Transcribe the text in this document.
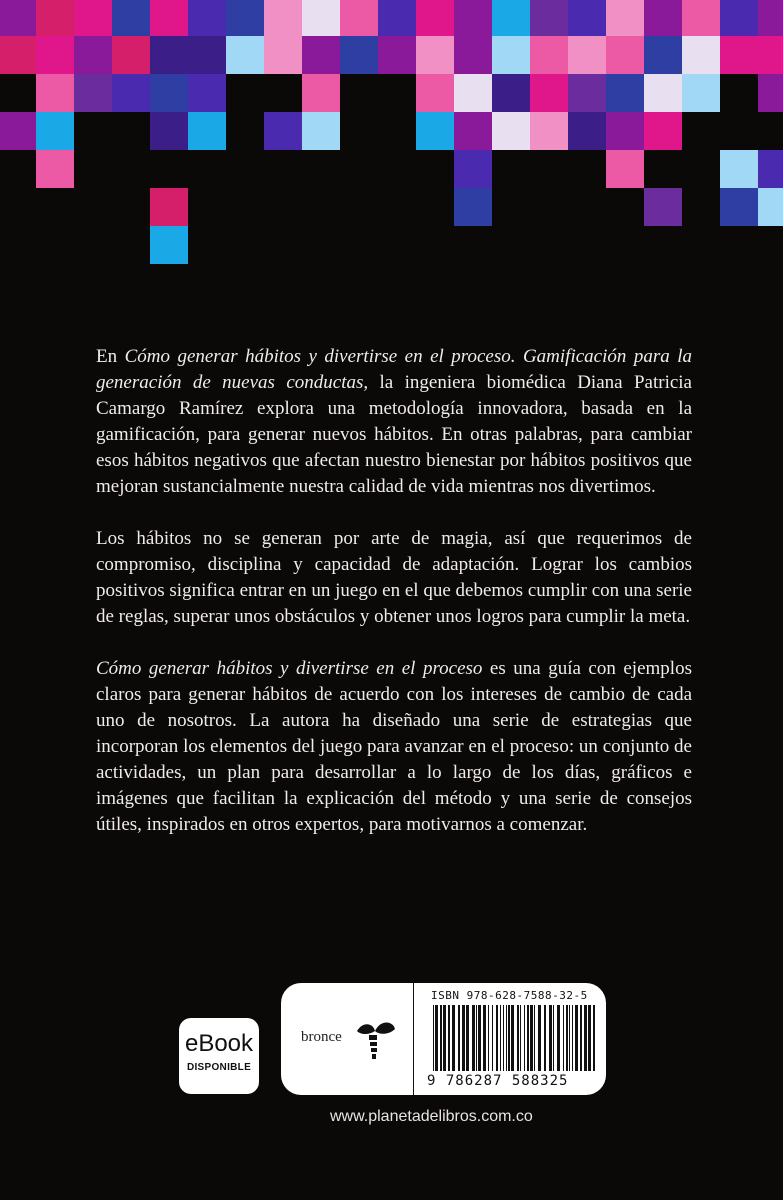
En Cómo generar hábitos y divertirse en el proceso. Gamificación para la generación de nuevas conductas, la ingeniera biomédica Diana Patricia Camargo Ramírez explora una metodología innovadora, basada en la gamificación, para generar nuevos hábitos. En otras palabras, para cambiar esos hábitos negativos que afectan nuestro bienestar por hábitos positivos que mejoran sustancialmente nuestra calidad de vida mientras nos divertimos.

Los hábitos no se generan por arte de magia, así que requerimos de compromiso, disciplina y capacidad de adaptación. Lograr los cambios positivos significa entrar en un juego en el que debemos cumplir con una serie de reglas, superar unos obstáculos y obtener unos logros para cumplir la meta.

Cómo generar hábitos y divertirse en el proceso es una guía con ejemplos claros para generar hábitos de acuerdo con los intereses de cambio de cada uno de nosotros. La autora ha diseñado una serie de estrategias que incorporan los elementos del juego para avanzar en el proceso: un conjunto de actividades, un plan para desarrollar a lo largo de los días, gráficos e imágenes que facilitan la explicación del método y una serie de consejos útiles, inspirados en otros expertos, para motivarnos a comenzar.

eBook
DISPONIBLE
bronce
ISBN 978-628-7588-32-5
9 786287 588325
www.planetadelibros.com.co
